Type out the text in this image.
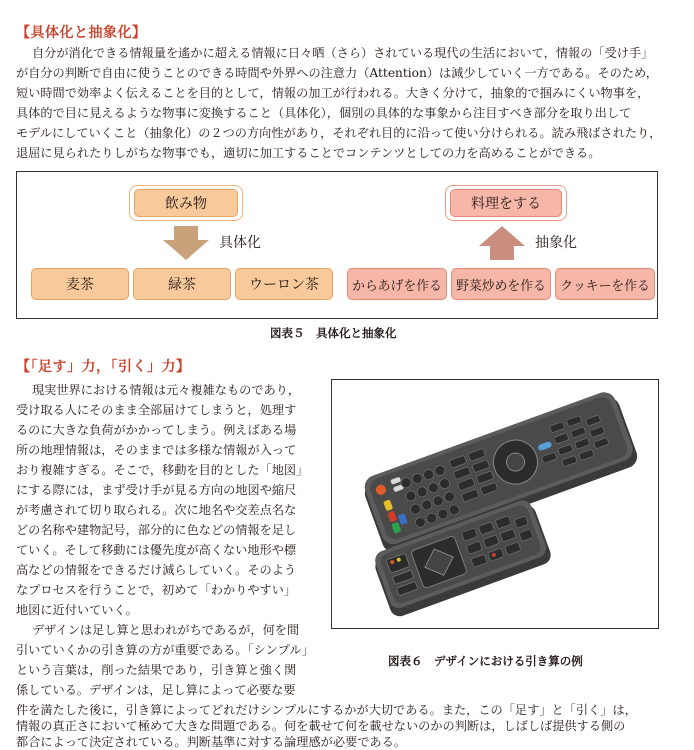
【具体化と抽象化】
自分が消化できる情報量を遙かに超える情報に日々晒（さら）されている現代の生活において，情報の「受け手」
が自分の判断で自由に使うことのできる時間や外界への注意力（Attention）は減少していく一方である。そのため，
短い時間で効率よく伝えることを目的として，情報の加工が行われる。大きく分けて，抽象的で掴みにくい物事を，
具体的で目に見えるような物事に変換すること（具体化），個別の具体的な事象から注目すべき部分を取り出して
モデルにしていくこと（抽象化）の２つの方向性があり，それぞれ目的に沿って使い分けられる。読み飛ばされたり，
退屈に見られたりしがちな物事でも，適切に加工することでコンテンツとしての力を高めることができる。
飲み物
具体化
麦茶	緑茶	ウーロン茶
料理をする
抽象化
からあげを作る	野菜炒めを作る	クッキーを作る
図表５　具体化と抽象化
【「足す」力，「引く」力】
現実世界における情報は元々複雑なものであり，
受け取る人にそのまま全部届けてしまうと，処理す
るのに大きな負荷がかかってしまう。例えばある場
所の地理情報は，そのままでは多様な情報が入って
おり複雑すぎる。そこで，移動を目的とした「地図」
にする際には，まず受け手が見る方向の地図や縮尺
が考慮されて切り取られる。次に地名や交差点名な
どの名称や建物記号，部分的に色などの情報を足し
ていく。そして移動には優先度が高くない地形や標
高などの情報をできるだけ減らしていく。そのよう
なプロセスを行うことで，初めて「わかりやすい」
地図に近付いていく。
デザインは足し算と思われがちであるが，何を間
引いていくかの引き算の方が重要である。「シンプル」
という言葉は，削った結果であり，引き算と強く関
係している。デザインは，足し算によって必要な要
件を満たした後に，引き算によってどれだけシンプルにするかが大切である。また，この「足す」と「引く」は，
情報の真正さにおいて極めて大きな問題である。何を載せて何を載せないのかの判断は，しばしば提供する側の
都合によって決定されている。判断基準に対する論理感が必要である。
図表６　デザインにおける引き算の例
